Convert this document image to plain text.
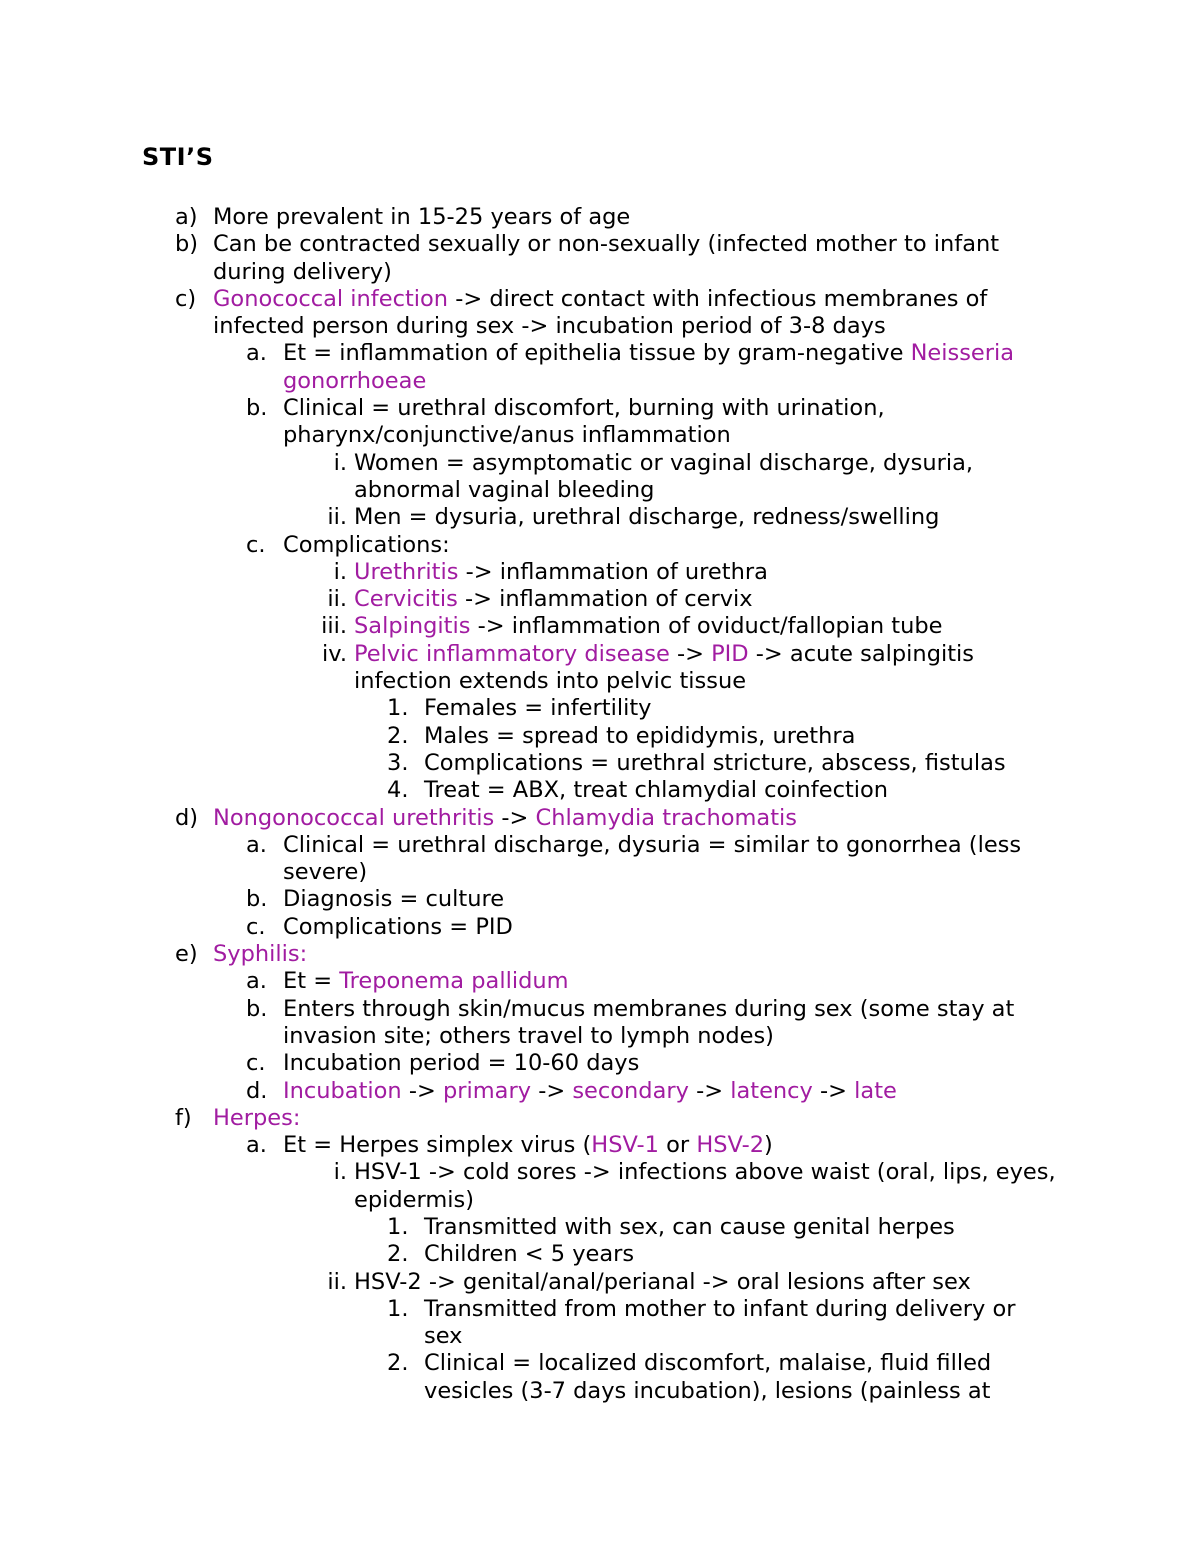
STI’S
a) More prevalent in 15-25 years of age
b) Can be contracted sexually or non-sexually (infected mother to infant during delivery)
c) Gonococcal infection -> direct contact with infectious membranes of infected person during sex -> incubation period of 3-8 days
a. Et = inflammation of epithelia tissue by gram-negative Neisseria gonorrhoeae
b. Clinical = urethral discomfort, burning with urination, pharynx/conjunctive/anus inflammation
i. Women = asymptomatic or vaginal discharge, dysuria, abnormal vaginal bleeding
ii. Men = dysuria, urethral discharge, redness/swelling
c. Complications:
i. Urethritis -> inflammation of urethra
ii. Cervicitis -> inflammation of cervix
iii. Salpingitis -> inflammation of oviduct/fallopian tube
iv. Pelvic inflammatory disease -> PID -> acute salpingitis infection extends into pelvic tissue
1. Females = infertility
2. Males = spread to epididymis, urethra
3. Complications = urethral stricture, abscess, fistulas
4. Treat = ABX, treat chlamydial coinfection
d) Nongonococcal urethritis -> Chlamydia trachomatis
a. Clinical = urethral discharge, dysuria = similar to gonorrhea (less severe)
b. Diagnosis = culture
c. Complications = PID
e) Syphilis:
a. Et = Treponema pallidum
b. Enters through skin/mucus membranes during sex (some stay at invasion site; others travel to lymph nodes)
c. Incubation period = 10-60 days
d. Incubation -> primary -> secondary -> latency -> late
f) Herpes:
a. Et = Herpes simplex virus (HSV-1 or HSV-2)
i. HSV-1 -> cold sores -> infections above waist (oral, lips, eyes, epidermis)
1. Transmitted with sex, can cause genital herpes
2. Children < 5 years
ii. HSV-2 -> genital/anal/perianal -> oral lesions after sex
1. Transmitted from mother to infant during delivery or sex
2. Clinical = localized discomfort, malaise, fluid filled vesicles (3-7 days incubation), lesions (painless at
